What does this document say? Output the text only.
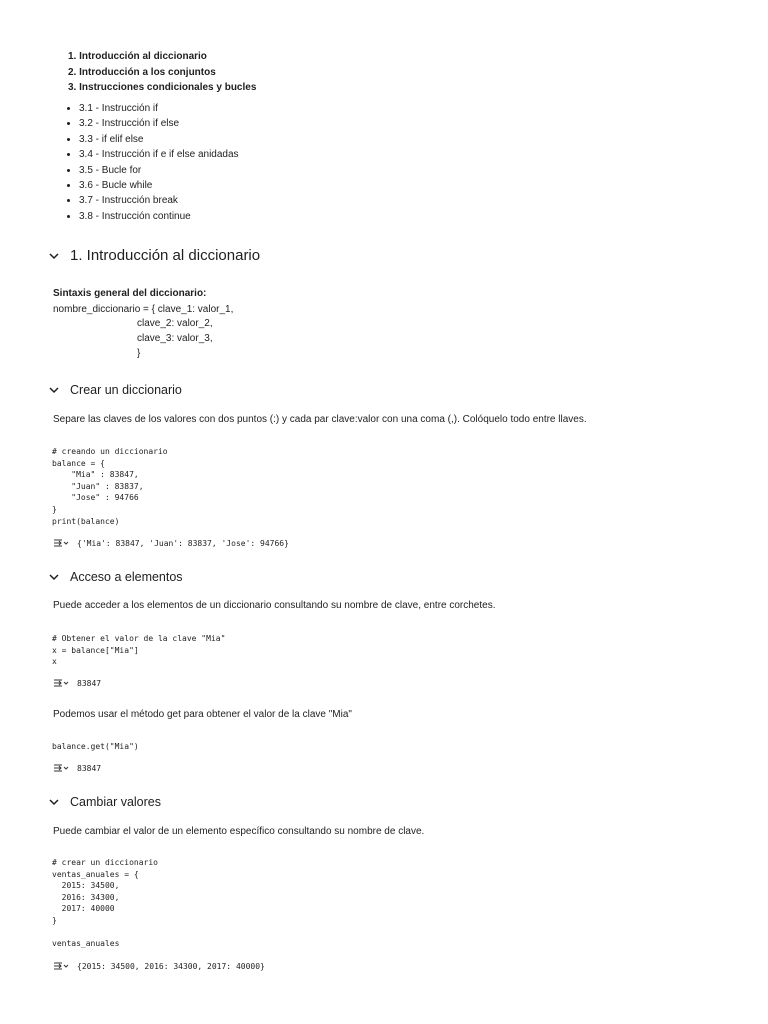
1. Introducción al diccionario
2. Introducción a los conjuntos
3. Instrucciones condicionales y bucles
• 3.1 - Instrucción if
• 3.2 - Instrucción if else
• 3.3 - if elif else
• 3.4 - Instrucción if e if else anidadas
• 3.5 - Bucle for
• 3.6 - Bucle while
• 3.7 - Instrucción break
• 3.8 - Instrucción continue
1. Introducción al diccionario
Sintaxis general del diccionario:
nombre_diccionario = { clave_1: valor_1,
clave_2: valor_2,
clave_3: valor_3,
}
Crear un diccionario
Separe las claves de los valores con dos puntos (:) y cada par clave:valor con una coma (,). Colóquelo todo entre llaves.
# creando un diccionario
balance = {
"Mia" : 83847,
"Juan" : 83837,
"Jose" : 94766
}
print(balance)
{'Mia': 83847, 'Juan': 83837, 'Jose': 94766}
Acceso a elementos
Puede acceder a los elementos de un diccionario consultando su nombre de clave, entre corchetes.
# Obtener el valor de la clave "Mia"
x = balance["Mia"]
x
83847
Podemos usar el método get para obtener el valor de la clave "Mia"
balance.get("Mia")
83847
Cambiar valores
Puede cambiar el valor de un elemento específico consultando su nombre de clave.
# crear un diccionario
ventas_anuales = {
2015: 34500,
2016: 34300,
2017: 40000
}

ventas_anuales
{2015: 34500, 2016: 34300, 2017: 40000}
